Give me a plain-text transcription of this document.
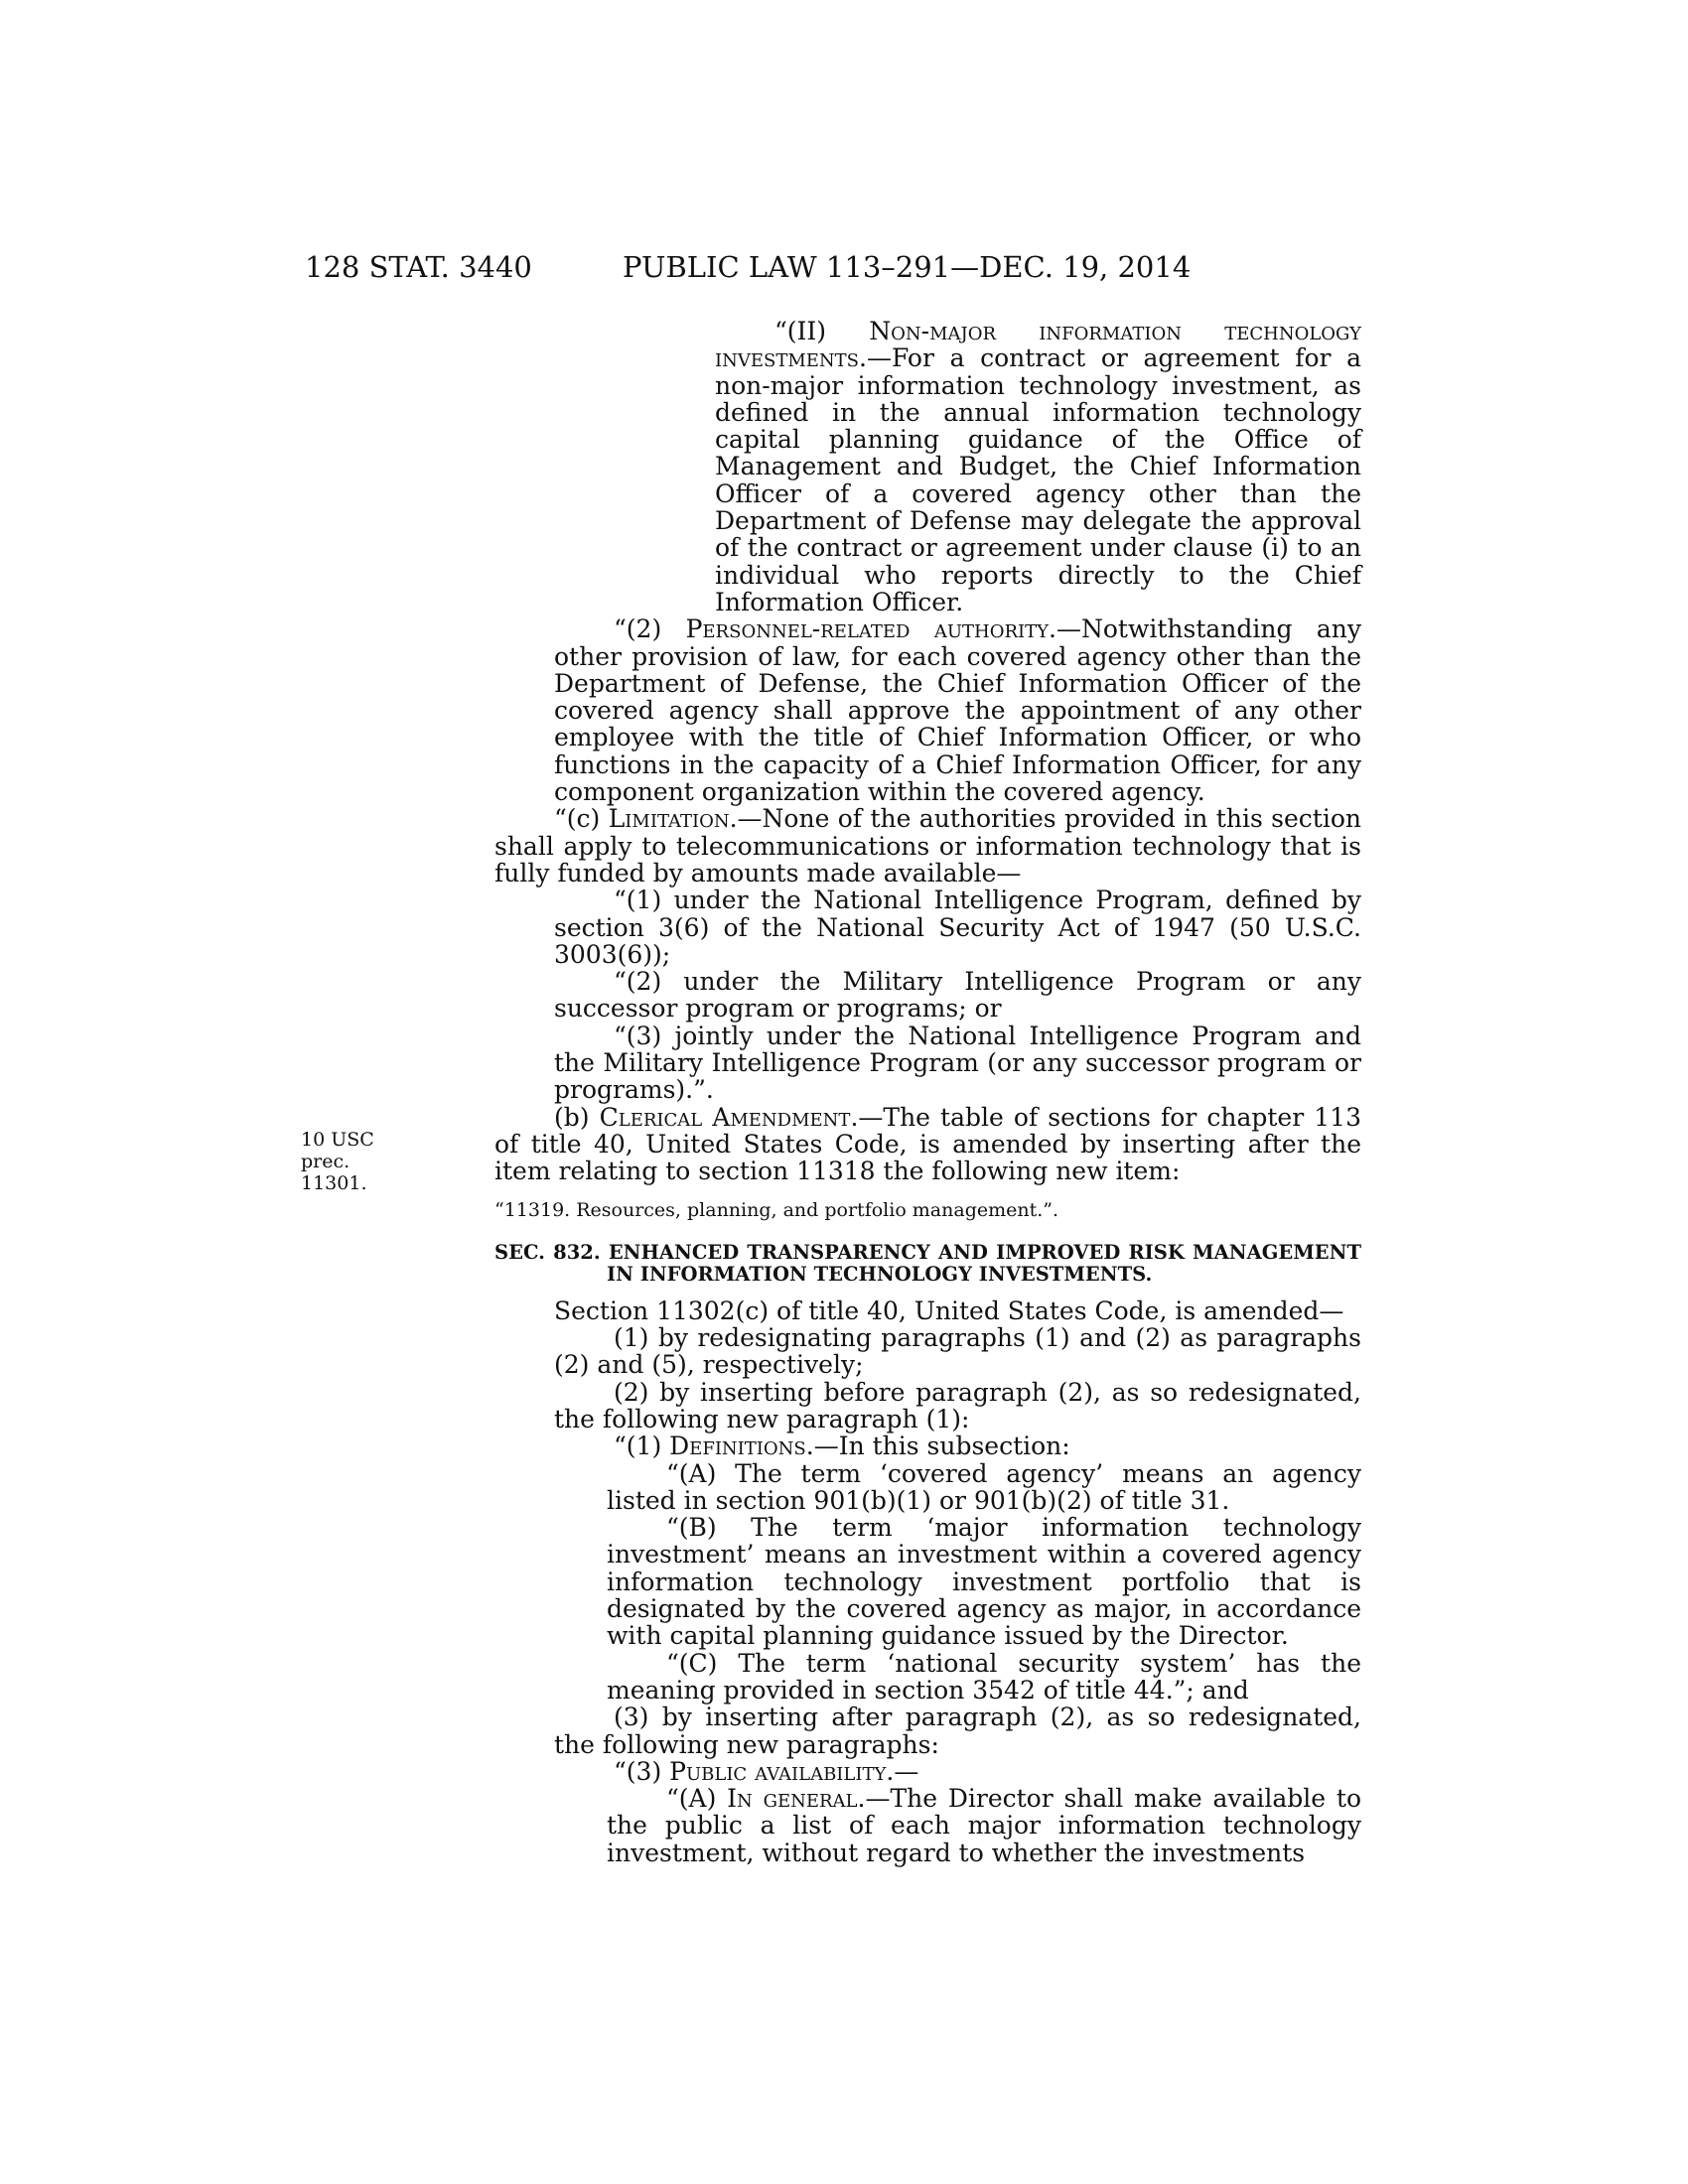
128 STAT. 3440	PUBLIC LAW 113–291—DEC. 19, 2014
10 USC
prec. 11301.

“(II) Non-major information technology investments.—For a contract or agreement for a non-major information technology investment, as defined in the annual information technology capital planning guidance of the Office of Management and Budget, the Chief Information Officer of a covered agency other than the Department of Defense may delegate the approval of the contract or agreement under clause (i) to an individual who reports directly to the Chief Information Officer.

“(2) Personnel-related authority.—Notwithstanding any other provision of law, for each covered agency other than the Department of Defense, the Chief Information Officer of the covered agency shall approve the appointment of any other employee with the title of Chief Information Officer, or who functions in the capacity of a Chief Information Officer, for any component organization within the covered agency.

“(c) Limitation.—None of the authorities provided in this section shall apply to telecommunications or information technology that is fully funded by amounts made available—

“(1) under the National Intelligence Program, defined by section 3(6) of the National Security Act of 1947 (50 U.S.C. 3003(6));

“(2) under the Military Intelligence Program or any successor program or programs; or

“(3) jointly under the National Intelligence Program and the Military Intelligence Program (or any successor program or programs).”.

(b) Clerical Amendment.—The table of sections for chapter 113 of title 40, United States Code, is amended by inserting after the item relating to section 11318 the following new item:

“11319. Resources, planning, and portfolio management.”.

SEC. 832. ENHANCED TRANSPARENCY AND IMPROVED RISK MANAGEMENT IN INFORMATION TECHNOLOGY INVESTMENTS.

Section 11302(c) of title 40, United States Code, is amended—

(1) by redesignating paragraphs (1) and (2) as paragraphs (2) and (5), respectively;

(2) by inserting before paragraph (2), as so redesignated, the following new paragraph (1):

“(1) Definitions.—In this subsection:

“(A) The term ‘covered agency’ means an agency listed in section 901(b)(1) or 901(b)(2) of title 31.

“(B) The term ‘major information technology investment’ means an investment within a covered agency information technology investment portfolio that is designated by the covered agency as major, in accordance with capital planning guidance issued by the Director.

“(C) The term ‘national security system’ has the meaning provided in section 3542 of title 44.”; and

(3) by inserting after paragraph (2), as so redesignated, the following new paragraphs:

“(3) Public availability.—

“(A) In general.—The Director shall make available to the public a list of each major information technology investment, without regard to whether the investments
